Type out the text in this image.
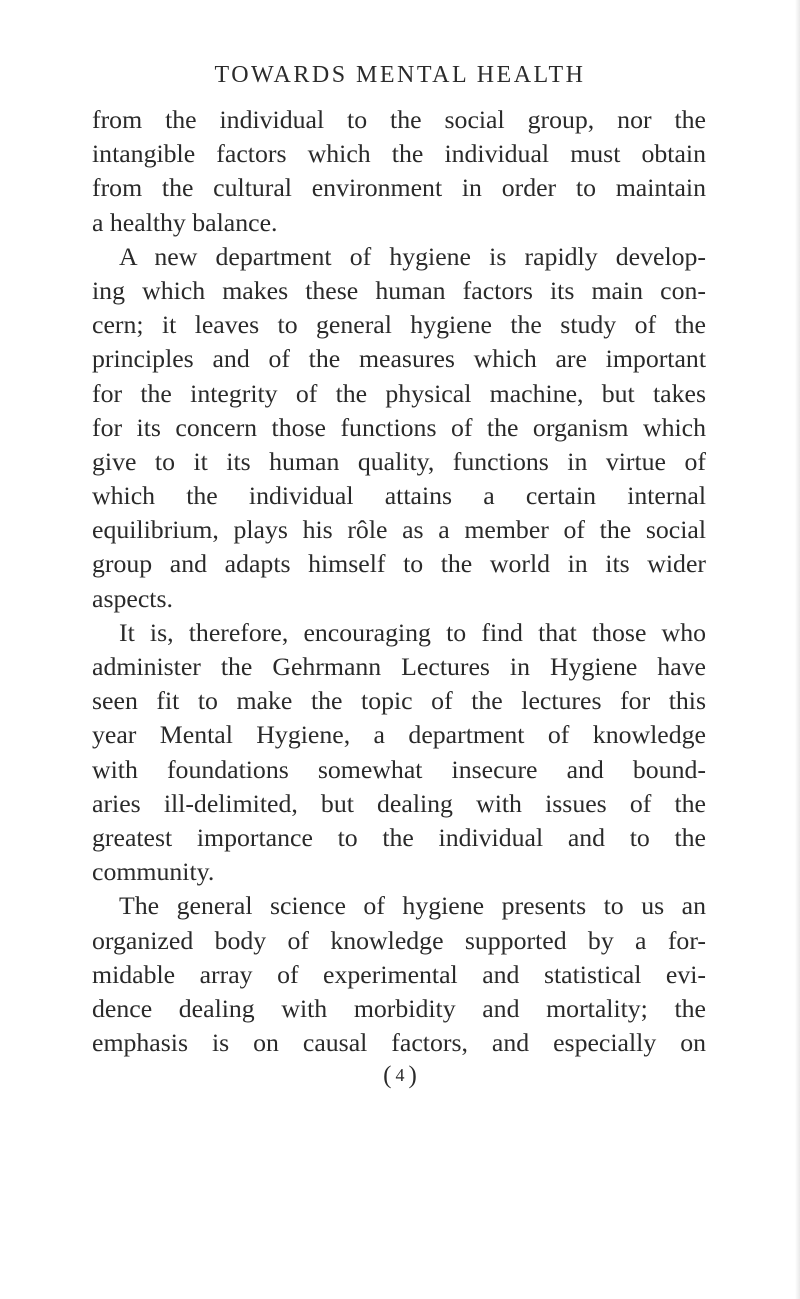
TOWARDS MENTAL HEALTH
from the individual to the social group, nor the
intangible factors which the individual must obtain
from the cultural environment in order to maintain
a healthy balance.
A new department of hygiene is rapidly develop-
ing which makes these human factors its main con-
cern; it leaves to general hygiene the study of the
principles and of the measures which are important
for the integrity of the physical machine, but takes
for its concern those functions of the organism which
give to it its human quality, functions in virtue of
which the individual attains a certain internal
equilibrium, plays his rôle as a member of the social
group and adapts himself to the world in its wider
aspects.
It is, therefore, encouraging to find that those who
administer the Gehrmann Lectures in Hygiene have
seen fit to make the topic of the lectures for this
year Mental Hygiene, a department of knowledge
with foundations somewhat insecure and bound-
aries ill-delimited, but dealing with issues of the
greatest importance to the individual and to the
community.
The general science of hygiene presents to us an
organized body of knowledge supported by a for-
midable array of experimental and statistical evi-
dence dealing with morbidity and mortality; the
emphasis is on causal factors, and especially on
( 4 )
